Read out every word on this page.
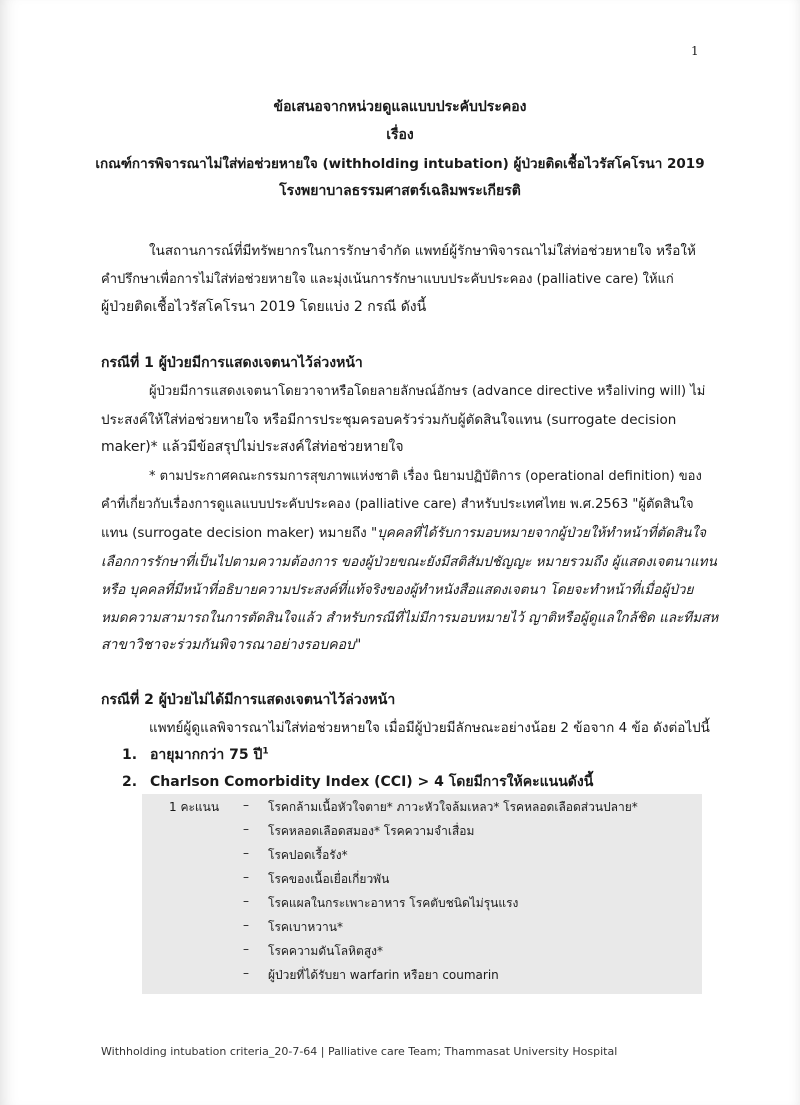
1
ข้อเสนอจากหน่วยดูแลแบบประคับประคอง
เรื่อง
เกณฑ์การพิจารณาไม่ใส่ท่อช่วยหายใจ (withholding intubation) ผู้ป่วยติดเชื้อไวรัสโคโรนา 2019
โรงพยาบาลธรรมศาสตร์เฉลิมพระเกียรติ
ในสถานการณ์ที่มีทรัพยากรในการรักษาจำกัด แพทย์ผู้รักษาพิจารณาไม่ใส่ท่อช่วยหายใจ หรือให้
คำปรึกษาเพื่อการไม่ใส่ท่อช่วยหายใจ และมุ่งเน้นการรักษาแบบประคับประคอง (palliative care) ให้แก่
ผู้ป่วยติดเชื้อไวรัสโคโรนา 2019 โดยแบ่ง 2 กรณี ดังนี้
กรณีที่ 1 ผู้ป่วยมีการแสดงเจตนาไว้ล่วงหน้า
ผู้ป่วยมีการแสดงเจตนาโดยวาจาหรือโดยลายลักษณ์อักษร (advance directive หรือliving will) ไม่
ประสงค์ให้ใส่ท่อช่วยหายใจ หรือมีการประชุมครอบครัวร่วมกับผู้ตัดสินใจแทน (surrogate decision
maker)* แล้วมีข้อสรุปไม่ประสงค์ใส่ท่อช่วยหายใจ
* ตามประกาศคณะกรรมการสุขภาพแห่งชาติ เรื่อง นิยามปฏิบัติการ (operational definition) ของ
คำที่เกี่ยวกับเรื่องการดูแลแบบประคับประคอง (palliative care) สำหรับประเทศไทย พ.ศ.2563 "ผู้ตัดสินใจ
แทน (surrogate decision maker) หมายถึง "บุคคลที่ได้รับการมอบหมายจากผู้ป่วยให้ทำหน้าที่ตัดสินใจ
เลือกการรักษาที่เป็นไปตามความต้องการ ของผู้ป่วยขณะยังมีสติสัมปชัญญะ หมายรวมถึง ผู้แสดงเจตนาแทน
หรือ บุคคลที่มีหน้าที่อธิบายความประสงค์ที่แท้จริงของผู้ทำหนังสือแสดงเจตนา โดยจะทำหน้าที่เมื่อผู้ป่วย
หมดความสามารถในการตัดสินใจแล้ว สำหรับกรณีที่ไม่มีการมอบหมายไว้ ญาติหรือผู้ดูแลใกล้ชิด และทีมสห
สาขาวิชาจะร่วมกันพิจารณาอย่างรอบคอบ"
กรณีที่ 2 ผู้ป่วยไม่ได้มีการแสดงเจตนาไว้ล่วงหน้า
แพทย์ผู้ดูแลพิจารณาไม่ใส่ท่อช่วยหายใจ เมื่อมีผู้ป่วยมีลักษณะอย่างน้อย 2 ข้อจาก 4 ข้อ ดังต่อไปนี้
1. อายุมากกว่า 75 ปี$^1$
2. Charlson Comorbidity Index (CCI) > 4 โดยมีการให้คะแนนดังนี้
1 คะแนน – โรคกล้ามเนื้อหัวใจตาย* ภาวะหัวใจล้มเหลว* โรคหลอดเลือดส่วนปลาย*
– โรคหลอดเลือดสมอง* โรคความจำเสื่อม
– โรคปอดเรื้อรัง*
– โรคของเนื้อเยื่อเกี่ยวพัน
– โรคแผลในกระเพาะอาหาร โรคตับชนิดไม่รุนแรง
– โรคเบาหวาน*
– โรคความดันโลหิตสูง*
– ผู้ป่วยที่ได้รับยา warfarin หรือยา coumarin
Withholding intubation criteria_20-7-64 | Palliative care Team; Thammasat University Hospital
